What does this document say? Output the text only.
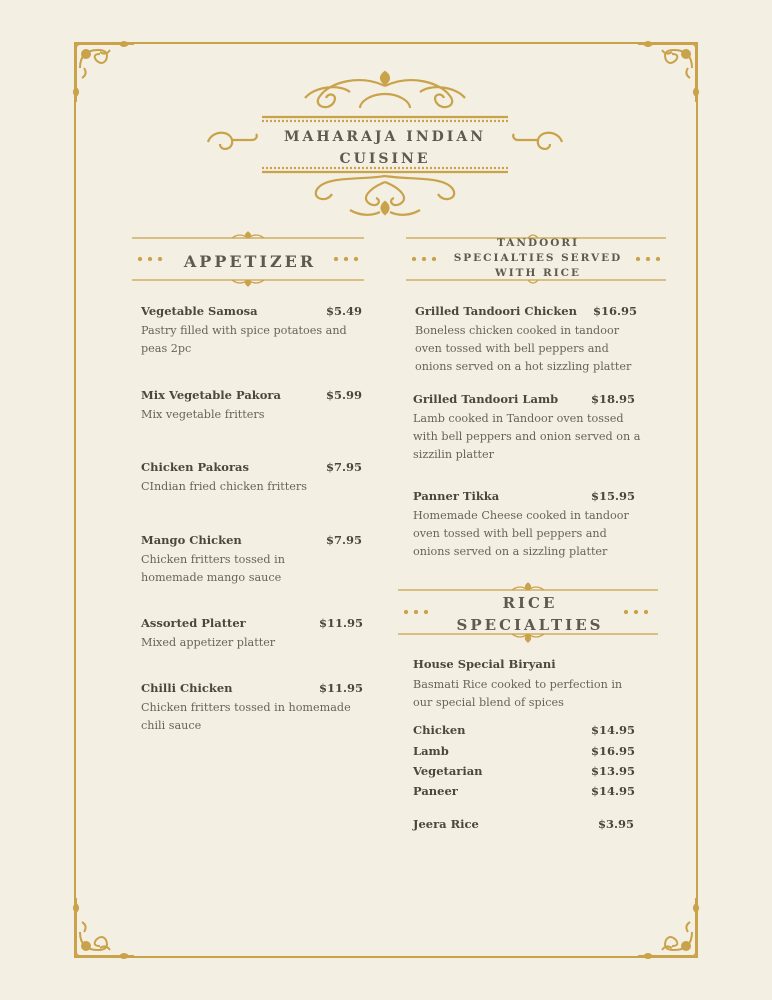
MAHARAJA INDIAN
CUISINE
APPETIZER
TANDOORI
SPECIALTIES SERVED
WITH RICE
Vegetable Samosa	$5.49
Pastry filled with spice potatoes and peas 2pc
Mix Vegetable Pakora	$5.99
Mix vegetable fritters
Chicken Pakoras	$7.95
CIndian fried chicken fritters
Mango Chicken	$7.95
Chicken fritters tossed in homemade mango sauce
Assorted Platter	$11.95
Mixed appetizer platter
Chilli Chicken	$11.95
Chicken fritters tossed in homemade chili sauce
Grilled Tandoori Chicken $16.95
Boneless chicken cooked in tandoor oven tossed with bell peppers and onions served on a hot sizzling platter
Grilled Tandoori Lamb	$18.95
Lamb cooked in Tandoor oven tossed with bell peppers and onion served on a sizzilin platter
Panner Tikka	$15.95
Homemade Cheese cooked in tandoor oven tossed with bell peppers and onions served on a sizzling platter
RICE
SPECIALTIES
House Special Biryani
Basmati Rice cooked to perfection in our special blend of spices
Chicken	$14.95
Lamb	$16.95
Vegetarian	$13.95
Paneer	$14.95
Jeera Rice	$3.95
